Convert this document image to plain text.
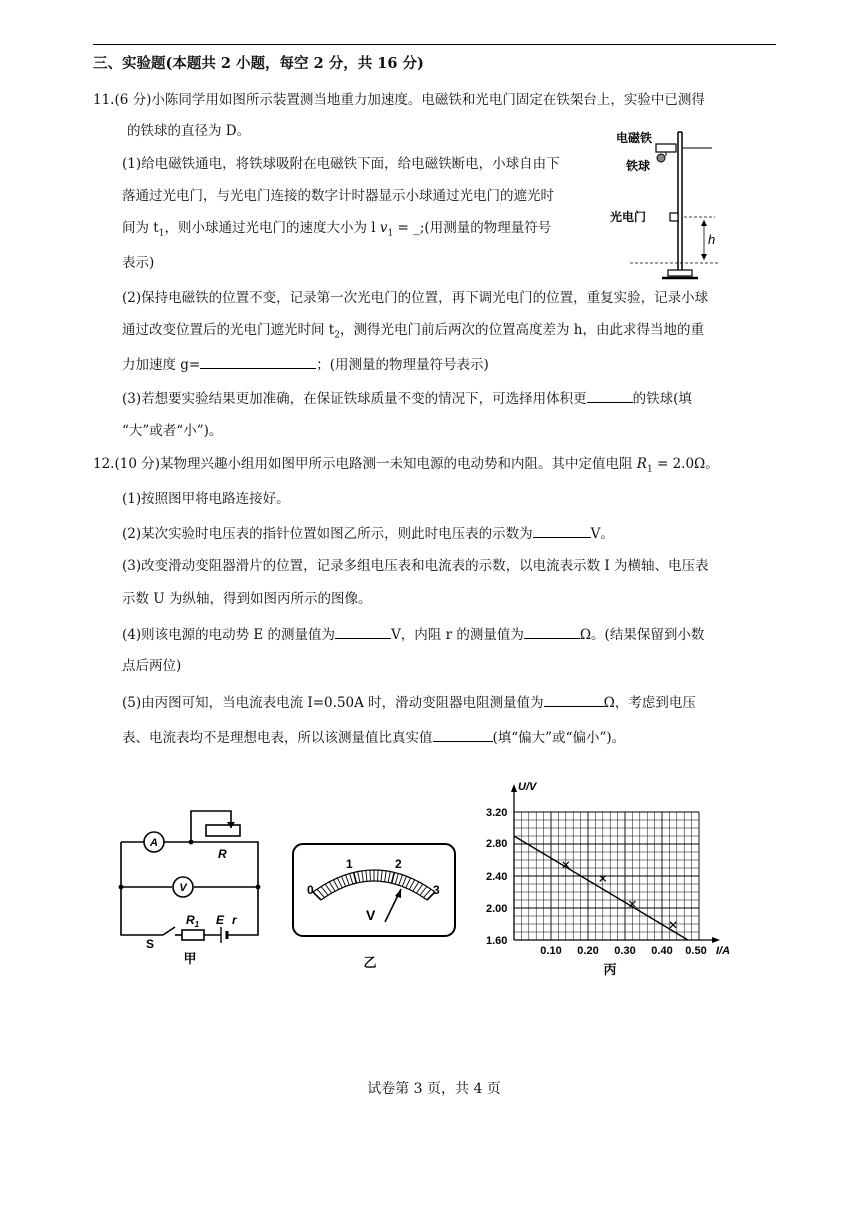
三、实验题(本题共 2 小题，每空 2 分，共 16 分)
11.(6 分)小陈同学用如图所示装置测当地重力加速度。电磁铁和光电门固定在铁架台上，实验中已测得
的铁球的直径为 D。
(1)给电磁铁通电，将铁球吸附在电磁铁下面，给电磁铁断电，小球自由下
落通过光电门，与光电门连接的数字计时器显示小球通过光电门的遮光时
间为 $t_1$，则小球通过光电门的速度大小为 l $v_1$ = _;(用测量的物理量符号
表示)
(2)保持电磁铁的位置不变，记录第一次光电门的位置，再下调光电门的位置，重复实验，记录小球
通过改变位置后的光电门遮光时间 $t_2$，测得光电门前后两次的位置高度差为 h，由此求得当地的重
力加速度 g=	；(用测量的物理量符号表示)
(3)若想要实验结果更加准确，在保证铁球质量不变的情况下，可选择用体积更	的铁球(填
“大”或者“小”)。
电磁铁
铁球
光电门
h
12.(10 分)某物理兴趣小组用如图甲所示电路测一未知电源的电动势和内阻。其中定值电阻 $R_1 = 2.0\Omega$。
(1)按照图甲将电路连接好。
(2)某次实验时电压表的指针位置如图乙所示，则此时电压表的示数为	V。
(3)改变滑动变阻器滑片的位置，记录多组电压表和电流表的示数，以电流表示数 I 为横轴、电压表
示数 U 为纵轴，得到如图丙所示的图像。
(4)则该电源的电动势 E 的测量值为	V，内阻 r 的测量值为	Ω。(结果保留到小数
点后两位)
(5)由丙图可知，当电流表电流 I=0.50A 时，滑动变阻器电阻测量值为	Ω，考虑到电压
表、电流表均不是理想电表，所以该测量值比真实值	(填“偏大”或“偏小”)。
A
V
R
$R_1$ E r
S
甲
0
1	2
3
V
乙
U/V
I/A
3.20
2.80
2.40
2.00
1.60
0.10 0.20 0.30 0.40 0.50
丙
试卷第 3 页，共 4 页
